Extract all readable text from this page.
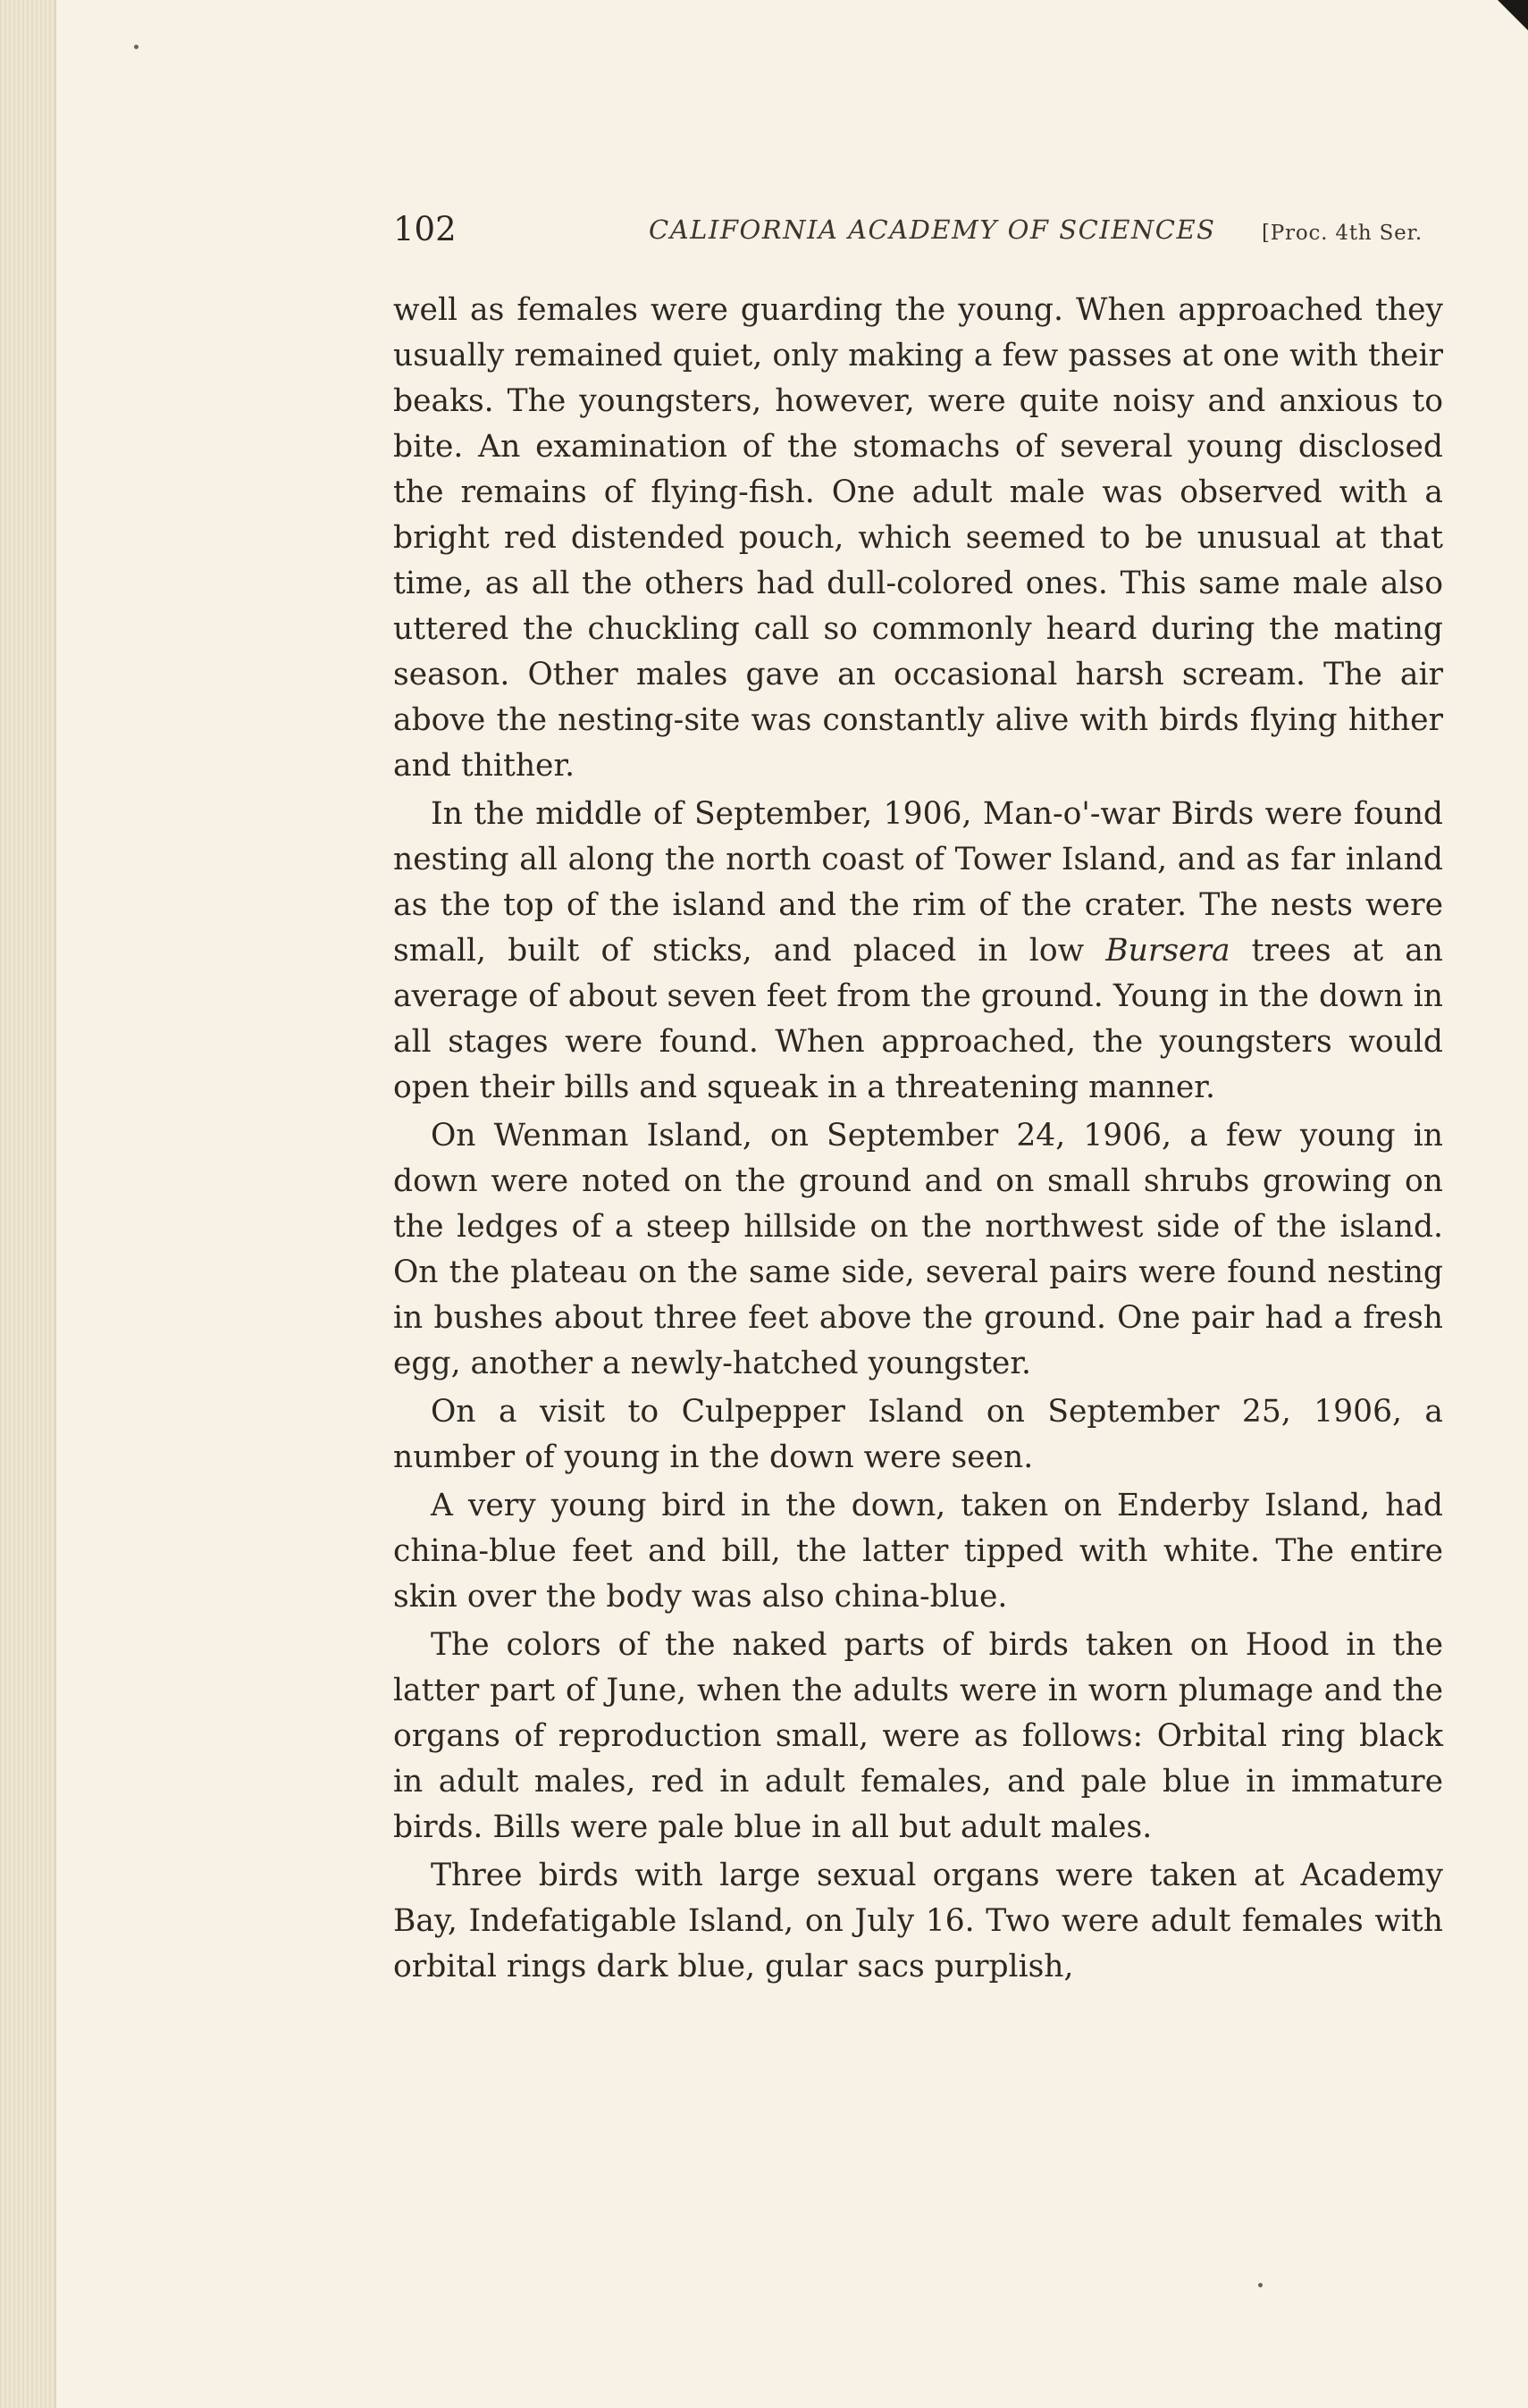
102	CALIFORNIA ACADEMY OF SCIENCES [Proc. 4th Ser.

well as females were guarding the young. When approached they usually remained quiet, only making a few passes at one with their beaks. The youngsters, however, were quite noisy and anxious to bite. An examination of the stomachs of several young disclosed the remains of flying-fish. One adult male was observed with a bright red distended pouch, which seemed to be unusual at that time, as all the others had dull-colored ones. This same male also uttered the chuckling call so commonly heard during the mating season. Other males gave an occasional harsh scream. The air above the nesting-site was constantly alive with birds flying hither and thither.

In the middle of September, 1906, Man-o'-war Birds were found nesting all along the north coast of Tower Island, and as far inland as the top of the island and the rim of the crater. The nests were small, built of sticks, and placed in low Bursera trees at an average of about seven feet from the ground. Young in the down in all stages were found. When approached, the youngsters would open their bills and squeak in a threatening manner.

On Wenman Island, on September 24, 1906, a few young in down were noted on the ground and on small shrubs growing on the ledges of a steep hillside on the northwest side of the island. On the plateau on the same side, several pairs were found nesting in bushes about three feet above the ground. One pair had a fresh egg, another a newly-hatched youngster.

On a visit to Culpepper Island on September 25, 1906, a number of young in the down were seen.

A very young bird in the down, taken on Enderby Island, had china-blue feet and bill, the latter tipped with white. The entire skin over the body was also china-blue.

The colors of the naked parts of birds taken on Hood in the latter part of June, when the adults were in worn plumage and the organs of reproduction small, were as follows: Orbital ring black in adult males, red in adult females, and pale blue in immature birds. Bills were pale blue in all but adult males.

Three birds with large sexual organs were taken at Academy Bay, Indefatigable Island, on July 16. Two were adult females with orbital rings dark blue, gular sacs purplish,
